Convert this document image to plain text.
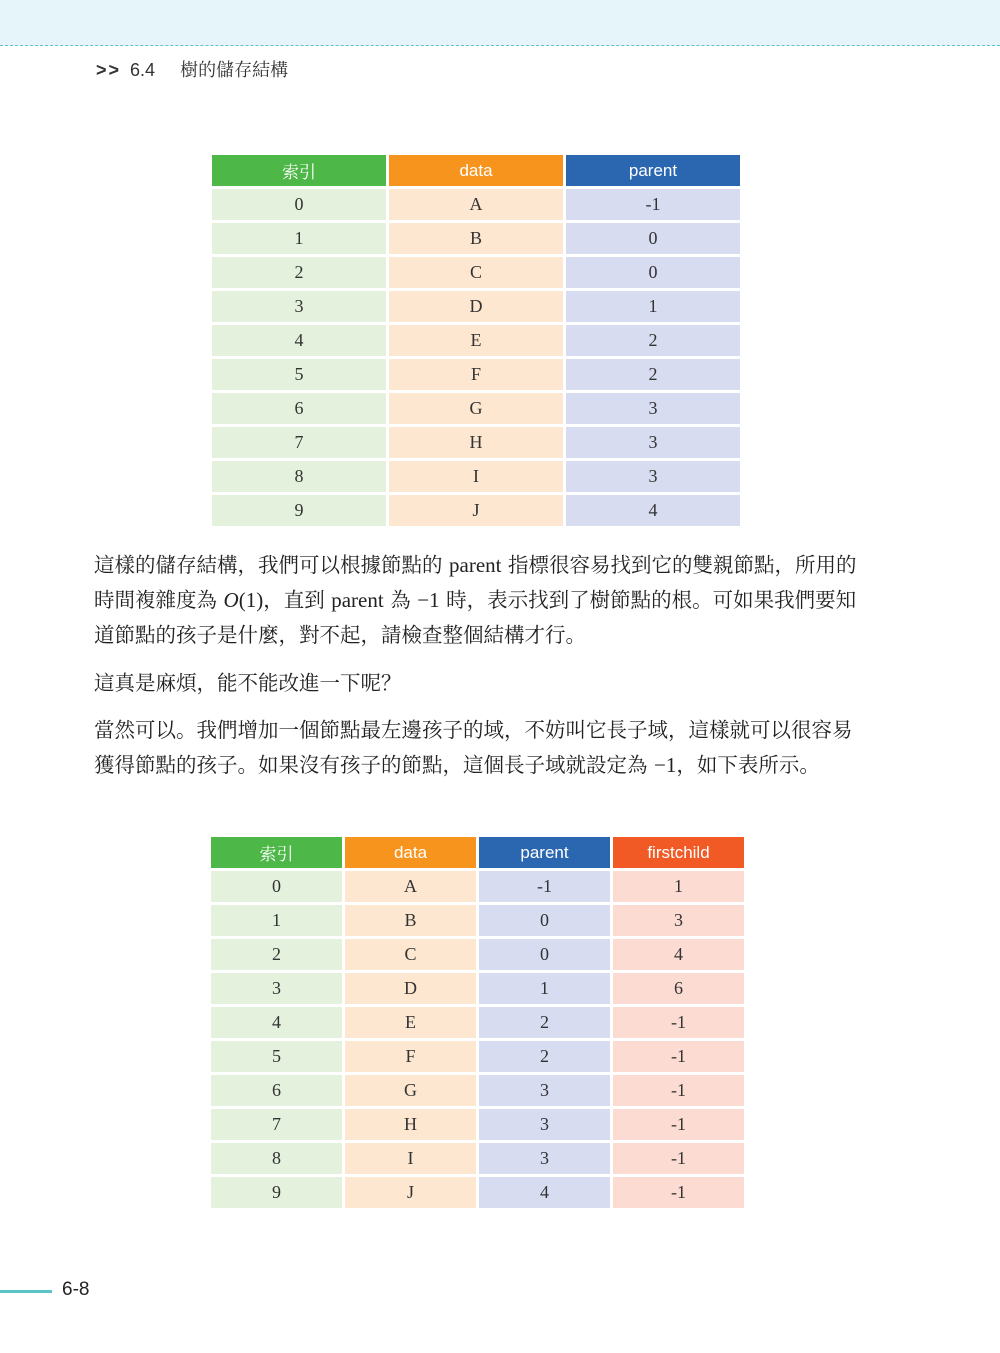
>> 6.4 樹的儲存結構
索引	data	parent
0	A	-1
1	B	0
2	C	0
3	D	1
4	E	2
5	F	2
6	G	3
7	H	3
8	I	3
9	J	4

這樣的儲存結構，我們可以根據節點的 parent 指標很容易找到它的雙親節點，所用的時間複雜度為 O(1)，直到 parent 為 −1 時，表示找到了樹節點的根。可如果我們要知道節點的孩子是什麼，對不起，請檢查整個結構才行。

這真是麻煩，能不能改進一下呢？

當然可以。我們增加一個節點最左邊孩子的域，不妨叫它長子域，這樣就可以很容易獲得節點的孩子。如果沒有孩子的節點，這個長子域就設定為 −1，如下表所示。

索引	data	parent	firstchild
0	A	-1	1
1	B	0	3
2	C	0	4
3	D	1	6
4	E	2	-1
5	F	2	-1
6	G	3	-1
7	H	3	-1
8	I	3	-1
9	J	4	-1
6-8
